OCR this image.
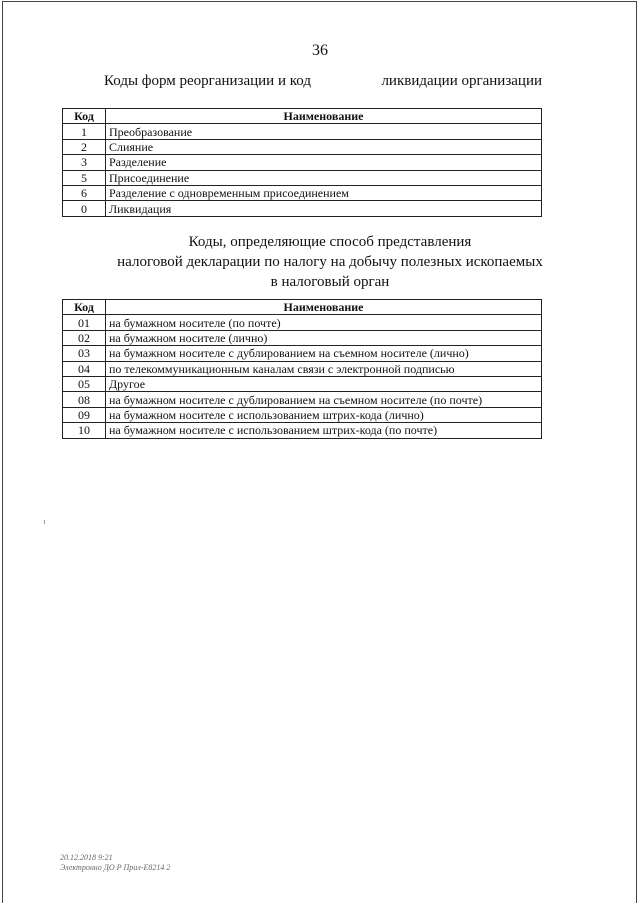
36
Коды форм реорганизации и код	ликвидации организации
Код	Наименование
1	Преобразование
2	Слияние
3	Разделение
5	Присоединение
6	Разделение с одновременным присоединением
0	Ликвидация
Коды, определяющие способ представления
налоговой декларации по налогу на добычу полезных ископаемых
в налоговый орган
Код	Наименование
01	на бумажном носителе (по почте)
02	на бумажном носителе (лично)
03	на бумажном носителе с дублированием на съемном носителе (лично)
04	по телекоммуникационным каналам связи с электронной подписью
05	Другое
08	на бумажном носителе с дублированием на съемном носителе (по почте)
09	на бумажном носителе с использованием штрих-кода (лично)
10	на бумажном носителе с использованием штрих-кода (по почте)
20.12.2018 9:21
Электронно ДО Р Прил-Е8214 2
